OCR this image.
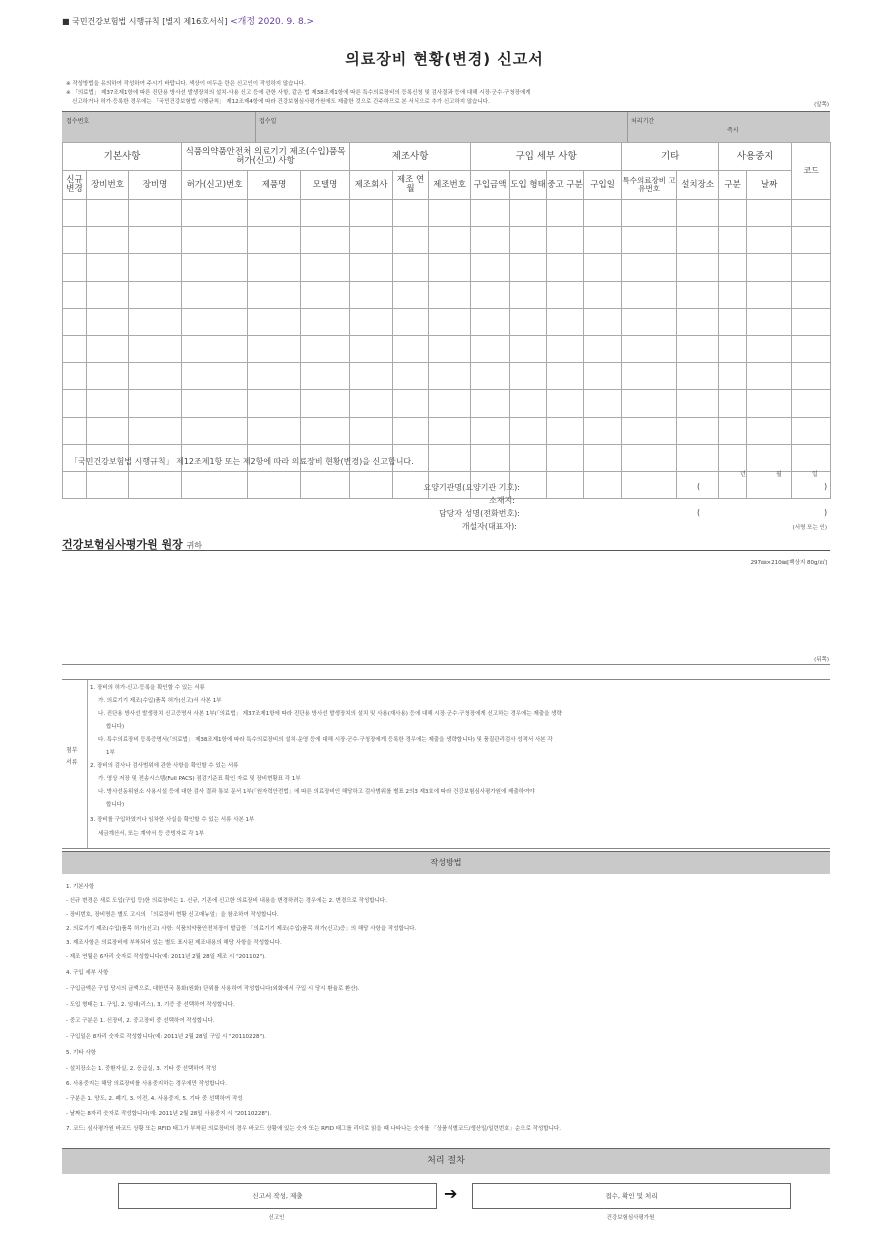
■ 국민건강보험법 시행규칙 [별지 제16호서식] <개정 2020. 9. 8.>
의료장비 현황(변경) 신고서
※ 작성방법을 유의하여 작성하여 주시기 바랍니다. 색상이 어두운 란은 신고인이 작성하지 않습니다.
※ 「의료법」 제37조제1항에 따른 진단용 방사선 발생장치의 설치·사용 신고 등에 관한 사항, 같은 법 제38조제1항에 따른 특수의료장비의 등록신청 및 검사결과 등에 대해 시장·군수·구청장에게
신고하거나 허가·등록한 경우에는 「국민건강보험법 시행규칙」 제12조제4항에 따라 건강보험심사평가원에도 제출한 것으로 간주하므로 본 서식으로 추가 신고하지 않습니다.	(앞쪽)
접수번호	접수일	처리기간
즉시
기본사항			식품의약품안전처 의료기기 제조(수입)품목 허가(신고) 사항			제조사항			구입 세부 사항				기타		사용중지		코드
신규 변경	장비번호	장비명	허가(신고)번호	제품명	모델명	제조회사	제조 연월	제조번호	구입금액	도입 형태	중고 구분	구입일	특수의료장비 고유번호	설치장소	구분	날짜	

「국민건강보험법 시행규칙」 제12조제1항 또는 제2항에 따라 의료장비 현황(변경)을 신고합니다.
년	월	일
요양기관명(요양기관 기호):	(	)
소재지:
담당자 성명(전화번호):	(	)
개설자(대표자):	(서명 또는 인)
건강보험심사평가원 원장 귀하
297㎜×210㎜[백상지 80g/㎡]
(뒤쪽)
첨부
서류
1. 장비의 허가·신고·등록을 확인할 수 있는 서류
가. 의료기기 제조(수입)품목 허가(신고)서 사본 1부
나. 진단용 방사선 발생장치 신고증명서 사본 1부(「의료법」 제37조제1항에 따라 진단용 방사선 발생장치의 설치 및 사용(재사용) 등에 대해 시장·군수·구청장에게 신고하는 경우에는 제출을 생략
합니다)
다. 특수의료장비 등록증명서(「의료법」 제38조제1항에 따라 특수의료장비의 설치·운영 등에 대해 시장·군수·구청장에게 등록한 경우에는 제출을 생략합니다) 및 품질관리검사 성적서 사본 각
1부
2. 장비의 검사나 검사범위에 관한 사항을 확인할 수 있는 서류
가. 영상 저장 및 전송시스템(Full PACS) 점검기준표 확인 자료 및 장비현황표 각 1부
나. 방사선동위원소 사용시설 등에 대한 검사 결과 통보 문서 1부(「원자력안전법」에 따른 의료장비인 해당하고 검사범위를 별표 2의3 제3호에 따라 건강보험심사평가원에 제출하여야
합니다)
3. 장비를 구입하였거나 임차한 사실을 확인할 수 있는 서류 사본 1부
세금계산서, 또는 계약서 등 증빙자료 각 1부
작성방법
1. 기본사항
- 신규 변경은 새로 도입(구입 등)한 의료장비는 1. 신규, 기존에 신고한 의료장비 내용을 변경하려는 경우에는 2. 변경으로 작성합니다.
- 장비번호, 장비명은 별도 고시의 「의료장비 현황 신고매뉴얼」을 참조하여 작성합니다.
2. 의료기기 제조(수입)품목 허가(신고) 사항: 식품의약품안전처장이 발급한 「의료기기 제조(수입)품목 허가(신고)증」의 해당 사항을 작성합니다.
3. 제조사항은 의료장비에 부착되어 있는 별도 표시된 제조내용의 해당 사항을 작성합니다.
- 제조 연월은 6자리 숫자로 작성합니다(예: 2011년 2월 28일 제조 시 "201102").
4. 구입 세부 사항
- 구입금액은 구입 당시의 금액으로, 대한민국 통화(원화) 단위를 사용하여 작성합니다(외화에서 구입 시 당시 환율로 환산).
- 도입 형태는 1. 구입, 2. 임대(리스), 3. 기증 중 선택하여 작성합니다.
- 중고 구분은 1. 신장비, 2. 중고장비 중 선택하여 작성합니다.
- 구입일은 8자리 숫자로 작성합니다(예: 2011년 2월 28일 구입 시 "20110228").
5. 기타 사항
- 설치장소는 1. 중환자실, 2. 응급실, 3. 기타 중 선택하여 작성
6. 사용중지는 해당 의료장비를 사용중지하는 경우에만 작성합니다.
- 구분은 1. 양도, 2. 폐기, 3. 이전, 4. 사용중지, 5. 기타 중 선택하여 작성
- 날짜는 8자리 숫자로 작성합니다(예: 2011년 2월 28일 사용중지 시 "20110228").
7. 코드: 심사평가원 바코드 상황 또는 RFID 태그가 부착된 의료장비의 경우 바코드 상황에 있는 숫자 또는 RFID 태그를 리더로 읽을 때 나타나는 숫자를 「상품식별코드/생산일/일련번호」순으로 작성합니다.
처리 절차
신고서 작성, 제출	➔	접수, 확인 및 처리
신고인	건강보험심사평가원
